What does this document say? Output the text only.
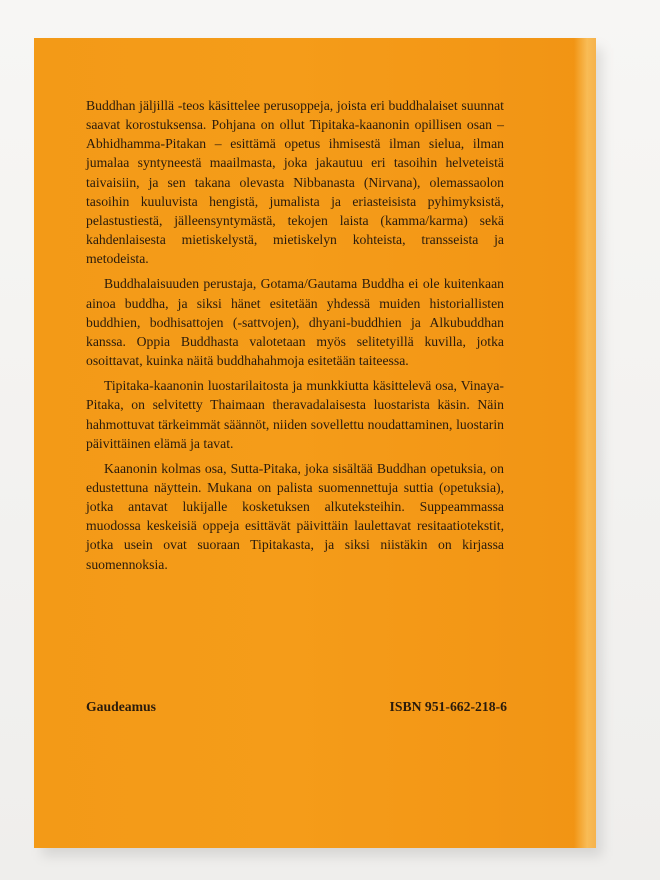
Buddhan jäljillä -teos käsittelee perusoppeja, joista eri buddhalaiset suunnat saavat korostuksensa. Pohjana on ollut Tipitaka-kaanonin opillisen osan – Abhidhamma-Pitakan – esittämä opetus ihmisestä ilman sielua, ilman jumalaa syntyneestä maailmasta, joka jakautuu eri tasoihin helveteistä taivaisiin, ja sen takana olevasta Nibbanasta (Nirvana), olemassaolon tasoihin kuuluvista hengistä, jumalista ja eriasteisista pyhimyksistä, pelastustiestä, jälleensyntymästä, tekojen laista (kamma/karma) sekä kahdenlaisesta mietiskelystä, mietiskelyn kohteista, transseista ja metodeista.

Buddhalaisuuden perustaja, Gotama/Gautama Buddha ei ole kuitenkaan ainoa buddha, ja siksi hänet esitetään yhdessä muiden historiallisten buddhien, bodhisattojen (-sattvojen), dhyani-buddhien ja Alkubuddhan kanssa. Oppia Buddhasta valotetaan myös selitetyillä kuvilla, jotka osoittavat, kuinka näitä buddhahahmoja esitetään taiteessa.

Tipitaka-kaanonin luostarilaitosta ja munkkiutta käsittelevä osa, Vinaya-Pitaka, on selvitetty Thaimaan theravadalaisesta luostarista käsin. Näin hahmottuvat tärkeimmät säännöt, niiden sovellettu noudattaminen, luostarin päivittäinen elämä ja tavat.

Kaanonin kolmas osa, Sutta-Pitaka, joka sisältää Buddhan opetuksia, on edustettuna näyttein. Mukana on palista suomennettuja suttia (opetuksia), jotka antavat lukijalle kosketuksen alkuteksteihin. Suppeammassa muodossa keskeisiä oppeja esittävät päivittäin laulettavat resitaatiotekstit, jotka usein ovat suoraan Tipitakasta, ja siksi niistäkin on kirjassa suomennoksia.

Gaudeamus	ISBN 951-662-218-6
